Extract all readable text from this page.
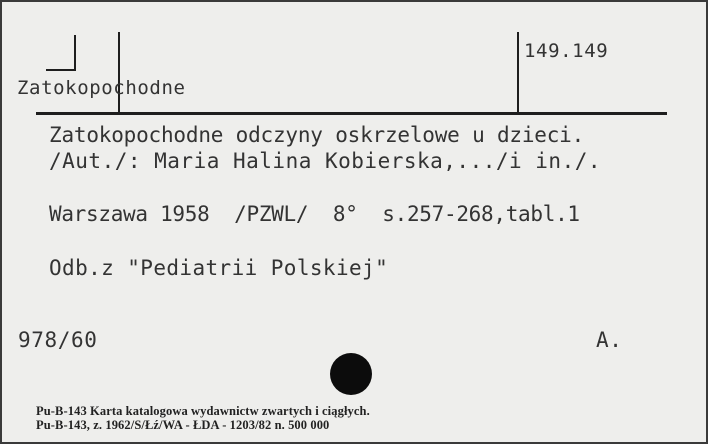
Zatokopochodne
149.149
Zatokopochodne odczyny oskrzelowe u dzieci.
/Aut./: Maria Halina Kobierska,.../i in./.
Warszawa 1958  /PZWL/  8°  s.257-268,tabl.1
Odb.z "Pediatrii Polskiej"
978/60	A.
Pu-B-143 Karta katalogowa wydawnictw zwartych i ciągłych.
Pu-B-143, z. 1962/S/Łź/WA - ŁDA - 1203/82 n. 500 000
